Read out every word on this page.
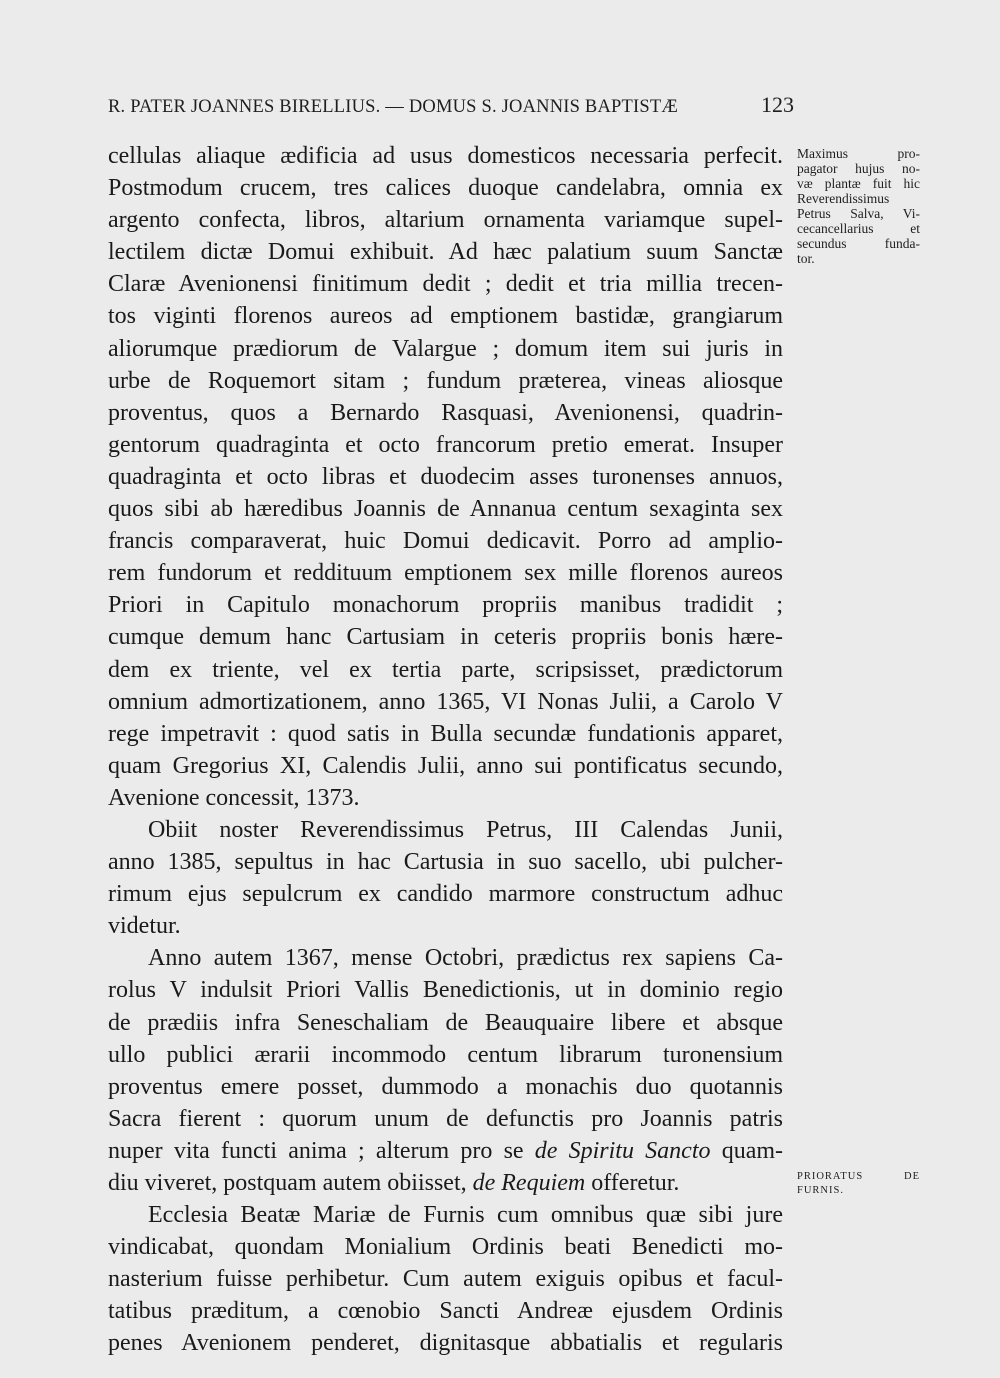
R. PATER JOANNES BIRELLIUS. — DOMUS S. JOANNIS BAPTISTÆ	123
cellulas aliaque ædificia ad usus domesticos necessaria perfecit.
Postmodum crucem, tres calices duoque candelabra, omnia ex
argento confecta, libros, altarium ornamenta variamque supel-
lectilem dictæ Domui exhibuit. Ad hæc palatium suum Sanctæ
Claræ Avenionensi finitimum dedit ; dedit et tria millia trecen-
tos viginti florenos aureos ad emptionem bastidæ, grangiarum
aliorumque prædiorum de Valargue ; domum item sui juris in
urbe de Roquemort sitam ; fundum præterea, vineas aliosque
proventus, quos a Bernardo Rasquasi, Avenionensi, quadrin-
gentorum quadraginta et octo francorum pretio emerat. Insuper
quadraginta et octo libras et duodecim asses turonenses annuos,
quos sibi ab hæredibus Joannis de Annanua centum sexaginta sex
francis comparaverat, huic Domui dedicavit. Porro ad amplio-
rem fundorum et reddituum emptionem sex mille florenos aureos
Priori in Capitulo monachorum propriis manibus tradidit ;
cumque demum hanc Cartusiam in ceteris propriis bonis hære-
dem ex triente, vel ex tertia parte, scripsisset, prædictorum
omnium admortizationem, anno 1365, VI Nonas Julii, a Carolo V
rege impetravit : quod satis in Bulla secundæ fundationis apparet,
quam Gregorius XI, Calendis Julii, anno sui pontificatus secundo,
Avenione concessit, 1373.
Obiit noster Reverendissimus Petrus, III Calendas Junii,
anno 1385, sepultus in hac Cartusia in suo sacello, ubi pulcher-
rimum ejus sepulcrum ex candido marmore constructum adhuc
videtur.
Anno autem 1367, mense Octobri, prædictus rex sapiens Ca-
rolus V indulsit Priori Vallis Benedictionis, ut in dominio regio
de prædiis infra Seneschaliam de Beauquaire libere et absque
ullo publici ærarii incommodo centum librarum turonensium
proventus emere posset, dummodo a monachis duo quotannis
Sacra fierent : quorum unum de defunctis pro Joannis patris
nuper vita functi anima ; alterum pro se de Spiritu Sancto quam-
diu viveret, postquam autem obiisset, de Requiem offeretur.
Ecclesia Beatæ Mariæ de Furnis cum omnibus quæ sibi jure
vindicabat, quondam Monialium Ordinis beati Benedicti mo-
nasterium fuisse perhibetur. Cum autem exiguis opibus et facul-
tatibus præditum, a cœnobio Sancti Andreæ ejusdem Ordinis
penes Avenionem penderet, dignitasque abbatialis et regularis
Maximus pro-
pagator hujus no-
væ plantæ fuit hic
Reverendissimus
Petrus Salva, Vi-
cecancellarius et
secundus funda-
tor.
PRIORATUS DE
FURNIS.
